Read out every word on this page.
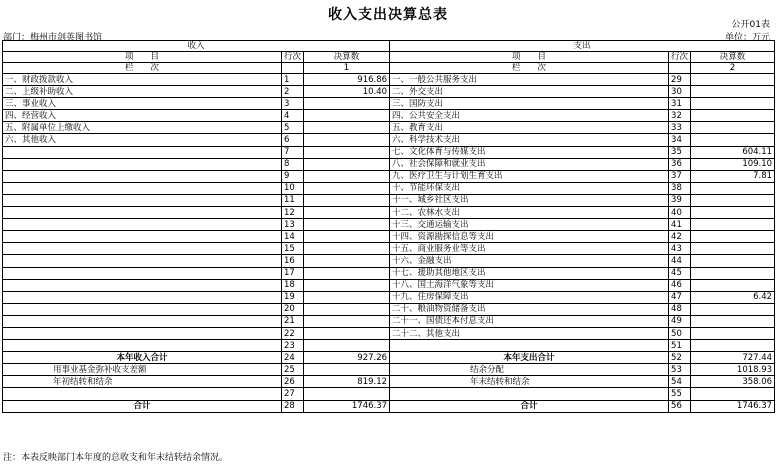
收入支出决算总表
公开01表
部门：梅州市剑英图书馆	单位：万元
收入			支出		
项　　目	行次	决算数	项　　目	行次	决算数
栏　　次		1	栏　　次		2
一、财政拨款收入	1	916.86	一、一般公共服务支出	29	
二、上级补助收入	2	10.40	二、外交支出	30	
三、事业收入	3		三、国防支出	31	
四、经营收入	4		四、公共安全支出	32	
五、附属单位上缴收入	5		五、教育支出	33	
六、其他收入	6		六、科学技术支出	34	
	7		七、文化体育与传媒支出	35	604.11
	8		八、社会保障和就业支出	36	109.10
	9		九、医疗卫生与计划生育支出	37	7.81
	10		十、节能环保支出	38	
	11		十一、城乡社区支出	39	
	12		十二、农林水支出	40	
	13		十三、交通运输支出	41	
	14		十四、资源勘探信息等支出	42	
	15		十五、商业服务业等支出	43	
	16		十六、金融支出	44	
	17		十七、援助其他地区支出	45	
	18		十八、国土海洋气象等支出	46	
	19		十九、住房保障支出	47	6.42
	20		二十、粮油物资储备支出	48	
	21		二十一、国债还本付息支出	49	
	22		二十二、其他支出	50	
	23			51	
本年收入合计	24	927.26	本年支出合计	52	727.44
用事业基金弥补收支差额	25		结余分配	53	1018.93
年初结转和结余	26	819.12	年末结转和结余	54	358.06
	27			55	
合计	28	1746.37	合计	56	1746.37
注：本表反映部门本年度的总收支和年末结转结余情况。
